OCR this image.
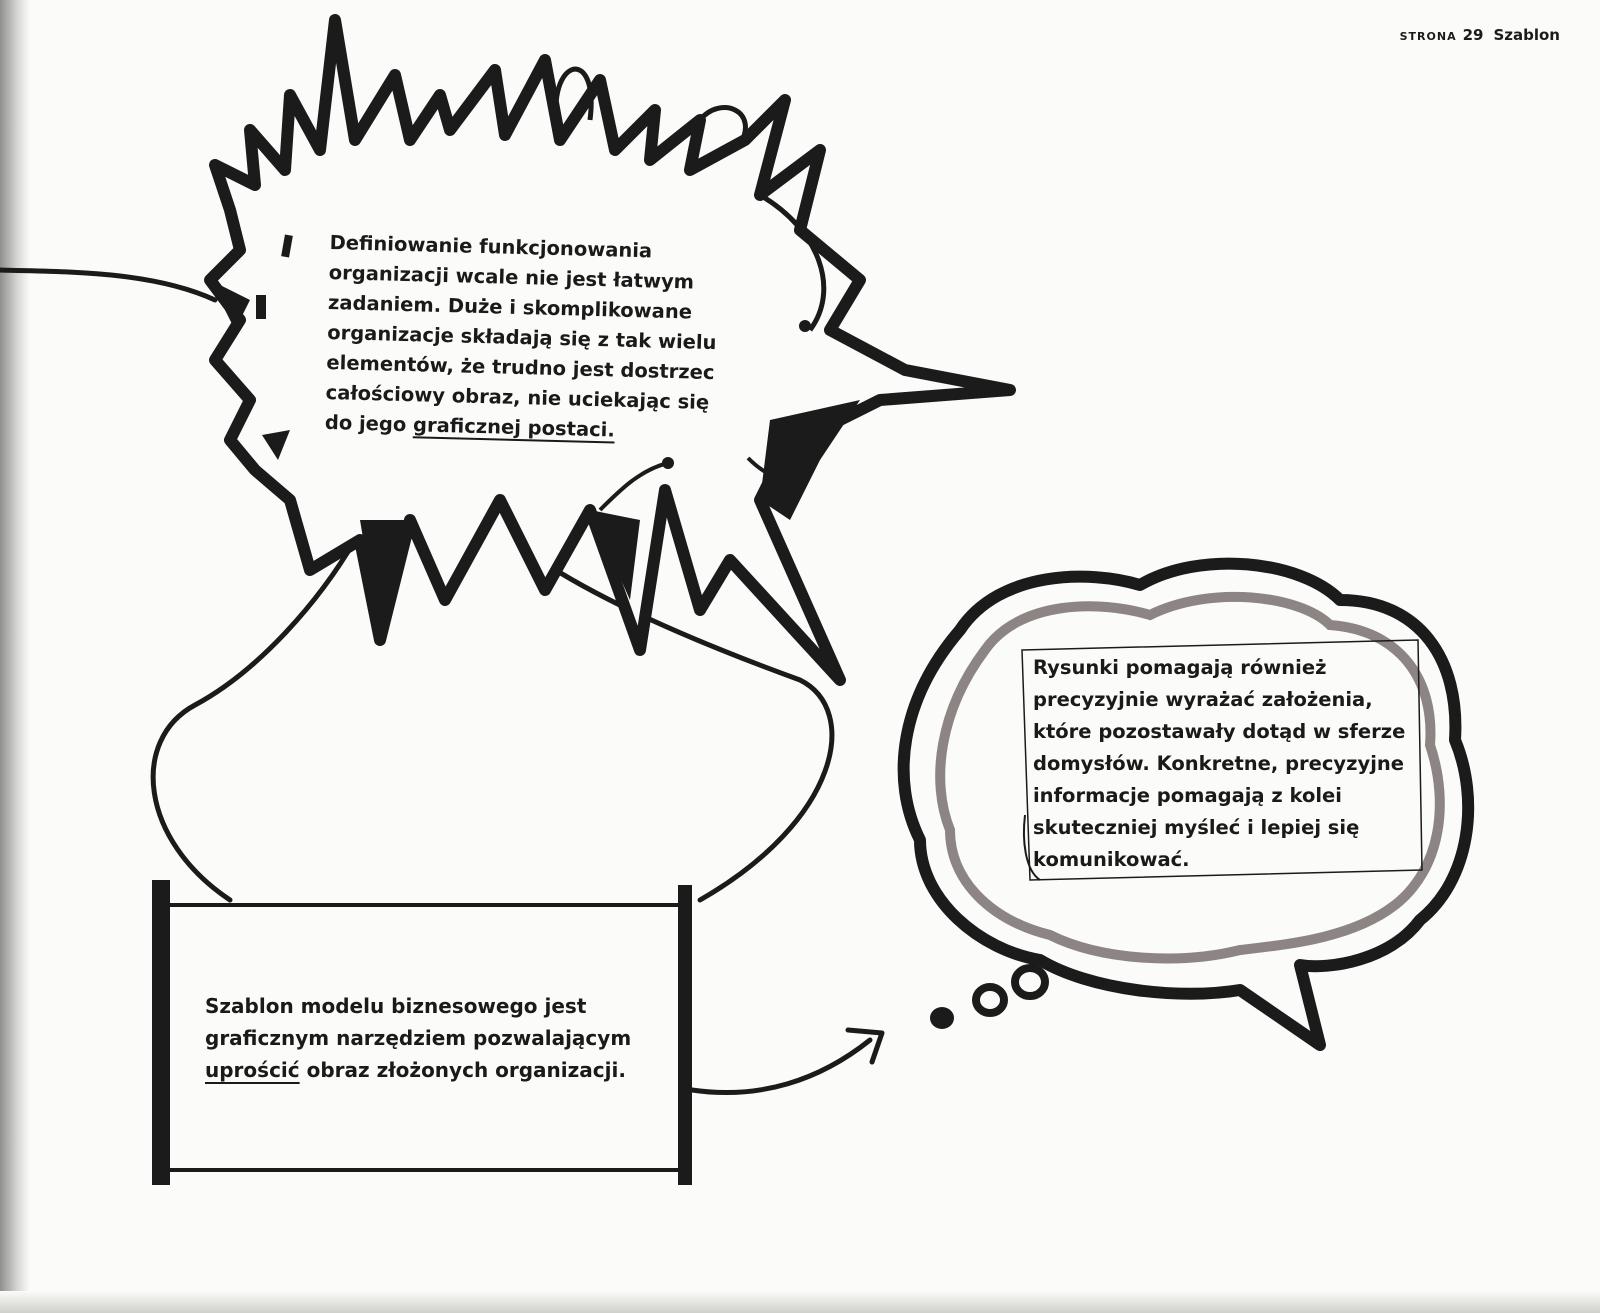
STRONA 29 Szablon
Definiowanie funkcjonowania
organizacji wcale nie jest łatwym
zadaniem. Duże i skomplikowane
organizacje składają się z tak wielu
elementów, że trudno jest dostrzec
całościowy obraz, nie uciekając się
do jego graficznej postaci.
Rysunki pomagają również
precyzyjnie wyrażać założenia,
które pozostawały dotąd w sferze
domysłów. Konkretne, precyzyjne
informacje pomagają z kolei
skuteczniej myśleć i lepiej się
komunikować.
Szablon modelu biznesowego jest
graficznym narzędziem pozwalającym
uprościć obraz złożonych organizacji.
